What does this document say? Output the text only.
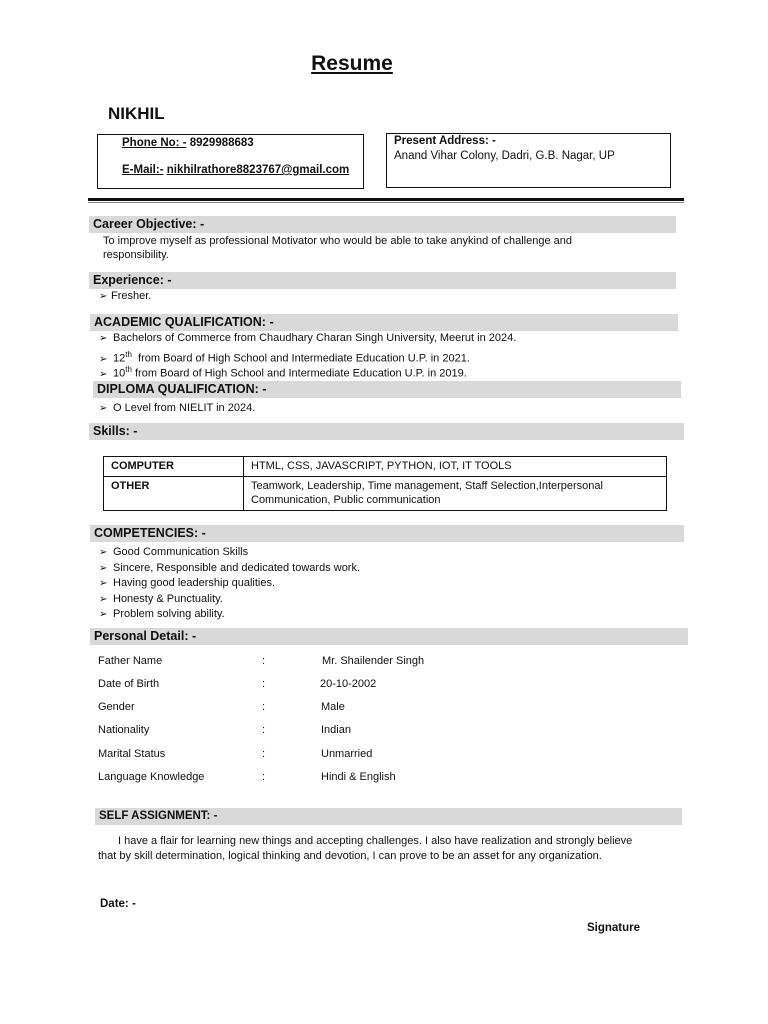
Resume
NIKHIL
Phone No: - 8929988683
E-Mail:- nikhilrathore8823767@gmail.com
Present Address: -
Anand Vihar Colony, Dadri, G.B. Nagar, UP
Career Objective: -
To improve myself as professional Motivator who would be able to take anykind of challenge and
responsibility.
Experience: -
➢ Fresher.
ACADEMIC QUALIFICATION: -
➢ Bachelors of Commerce from Chaudhary Charan Singh University, Meerut in 2024.
➢ 12th from Board of High School and Intermediate Education U.P. in 2021.
➢ 10th from Board of High School and Intermediate Education U.P. in 2019.
DIPLOMA QUALIFICATION: -
➢ O Level from NIELIT in 2024.
Skills: -
COMPUTER	HTML, CSS, JAVASCRIPT, PYTHON, IOT, IT TOOLS
OTHER	Teamwork, Leadership, Time management, Staff Selection,Interpersonal
Communication, Public communication
COMPETENCIES: -
➢ Good Communication Skills
➢ Sincere, Responsible and dedicated towards work.
➢ Having good leadership qualities.
➢ Honesty & Punctuality.
➢ Problem solving ability.
Personal Detail: -
Father Name	:	Mr. Shailender Singh
Date of Birth	:	20-10-2002
Gender	:	Male
Nationality	:	Indian
Marital Status	:	Unmarried
Language Knowledge	:	Hindi & English
SELF ASSIGNMENT: -
I have a flair for learning new things and accepting challenges. I also have realization and strongly believe
that by skill determination, logical thinking and devotion, I can prove to be an asset for any organization.
Date: -
Signature
